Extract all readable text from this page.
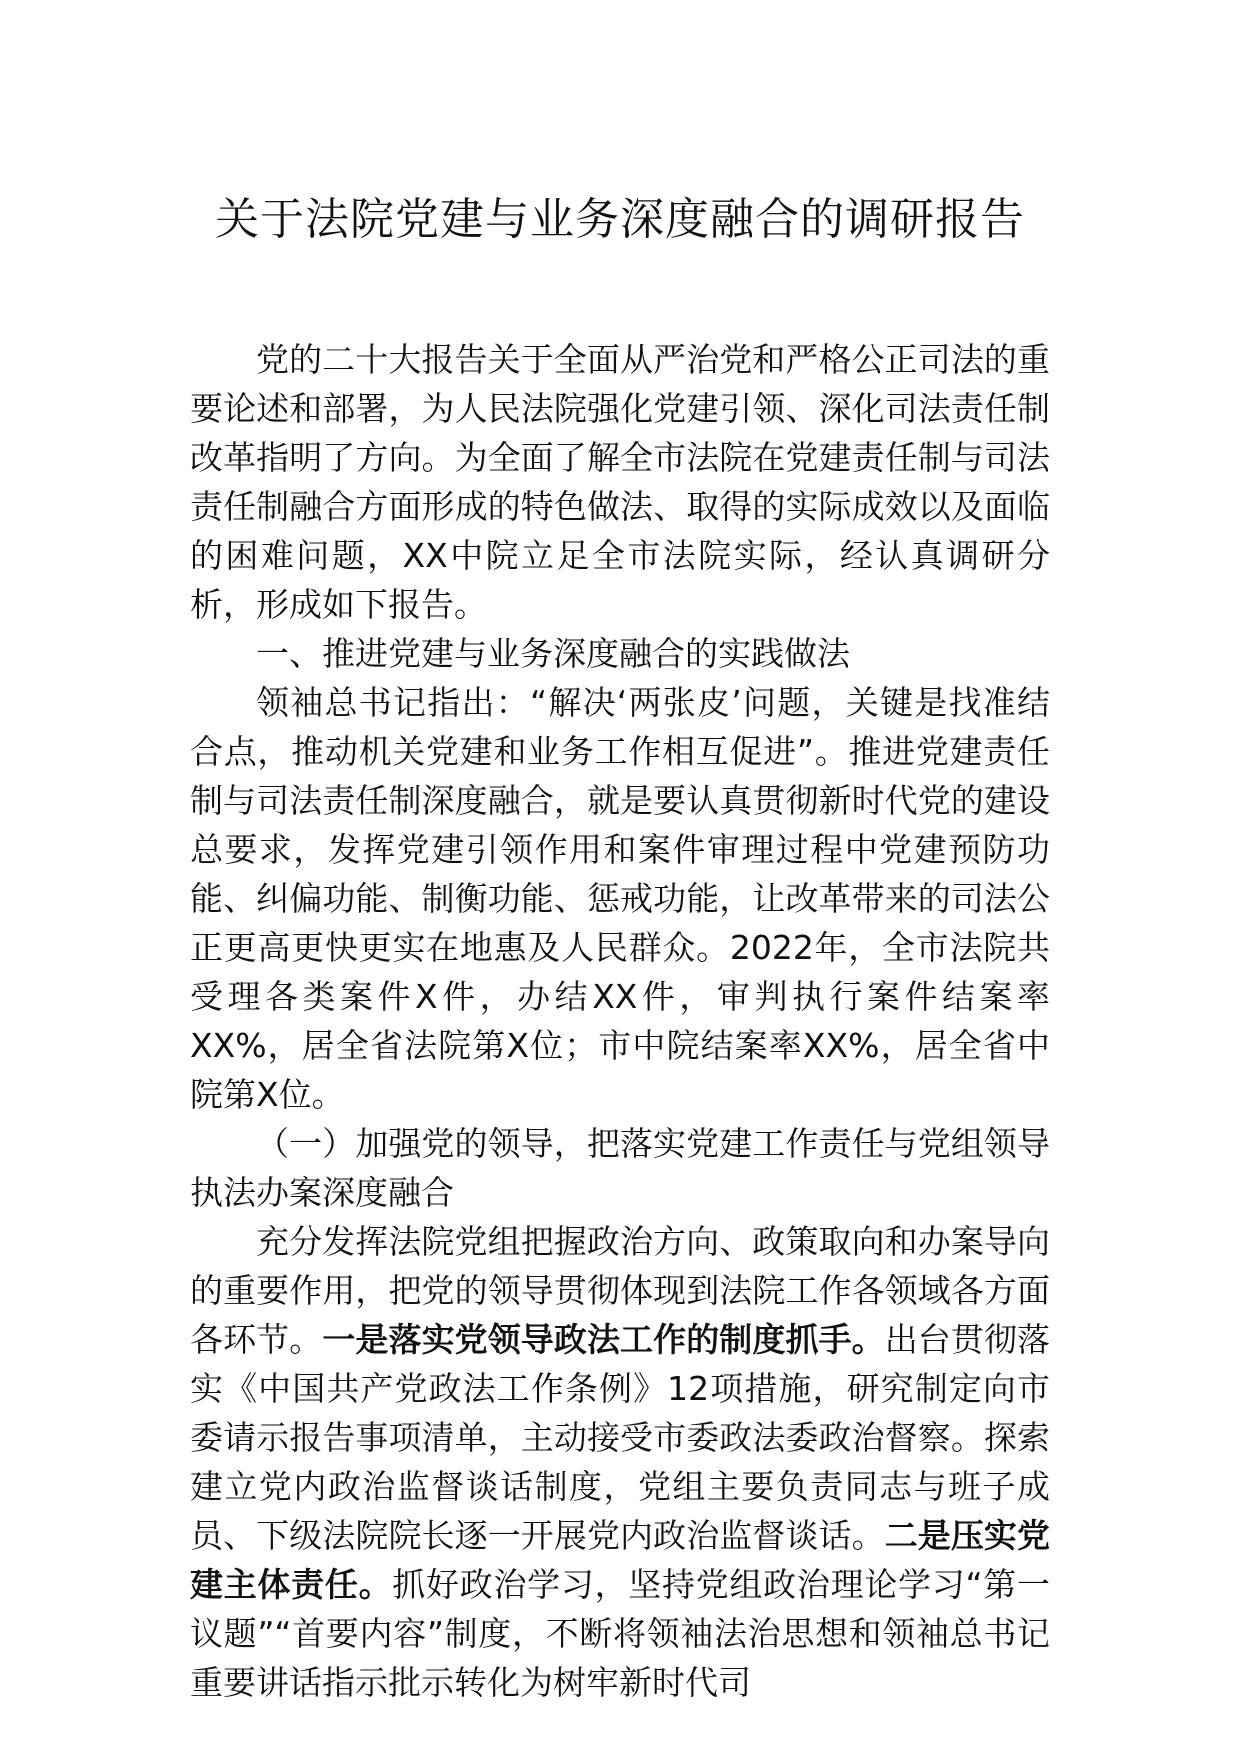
关于法院党建与业务深度融合的调研报告

党的二十大报告关于全面从严治党和严格公正司法的重要论述和部署，为人民法院强化党建引领、深化司法责任制改革指明了方向。为全面了解全市法院在党建责任制与司法责任制融合方面形成的特色做法、取得的实际成效以及面临的困难问题，XX中院立足全市法院实际，经认真调研分析，形成如下报告。

一、推进党建与业务深度融合的实践做法

领袖总书记指出：“解决‘两张皮’问题，关键是找准结合点，推动机关党建和业务工作相互促进”。推进党建责任制与司法责任制深度融合，就是要认真贯彻新时代党的建设总要求，发挥党建引领作用和案件审理过程中党建预防功能、纠偏功能、制衡功能、惩戒功能，让改革带来的司法公正更高更快更实在地惠及人民群众。2022年，全市法院共受理各类案件X件，办结XX件，审判执行案件结案率XX%，居全省法院第X位；市中院结案率XX%，居全省中院第X位。

（一）加强党的领导，把落实党建工作责任与党组领导执法办案深度融合

充分发挥法院党组把握政治方向、政策取向和办案导向的重要作用，把党的领导贯彻体现到法院工作各领域各方面各环节。一是落实党领导政法工作的制度抓手。出台贯彻落实《中国共产党政法工作条例》12项措施，研究制定向市委请示报告事项清单，主动接受市委政法委政治督察。探索建立党内政治监督谈话制度，党组主要负责同志与班子成员、下级法院院长逐一开展党内政治监督谈话。二是压实党建主体责任。抓好政治学习，坚持党组政治理论学习“第一议题”“首要内容”制度，不断将领袖法治思想和领袖总书记重要讲话指示批示转化为树牢新时代司
